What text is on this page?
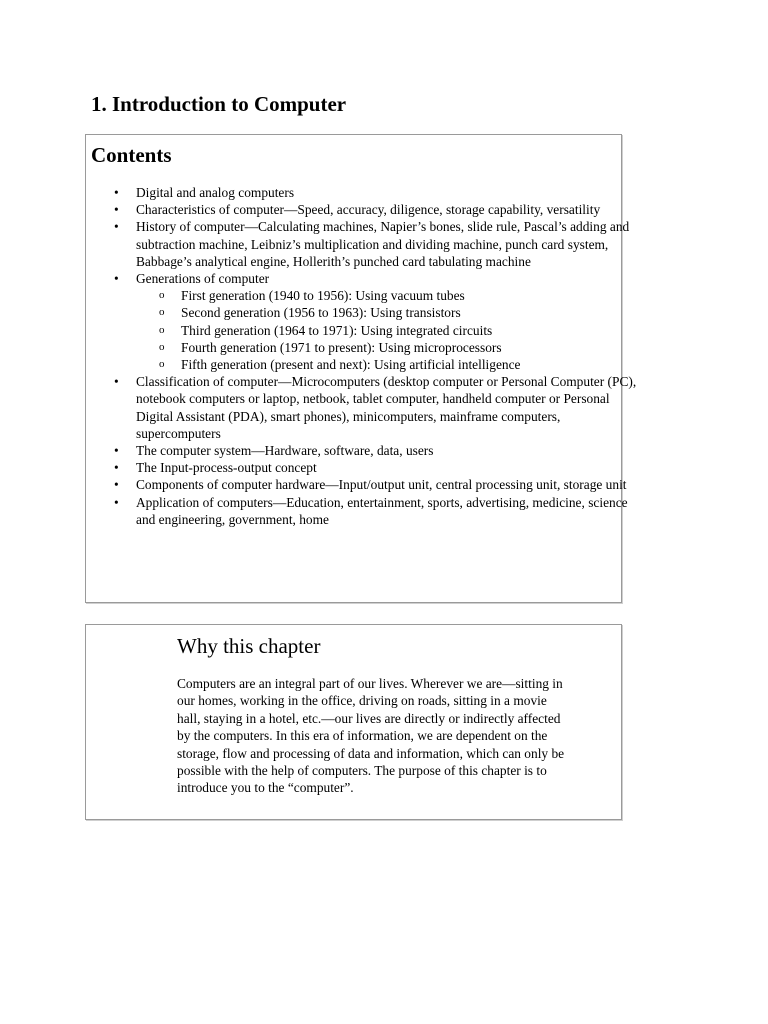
1. Introduction to Computer
Contents
• Digital and analog computers
• Characteristics of computer—Speed, accuracy, diligence, storage capability, versatility
• History of computer—Calculating machines, Napier’s bones, slide rule, Pascal’s adding and subtraction machine, Leibniz’s multiplication and dividing machine, punch card system, Babbage’s analytical engine, Hollerith’s punched card tabulating machine
• Generations of computer
o First generation (1940 to 1956): Using vacuum tubes
o Second generation (1956 to 1963): Using transistors
o Third generation (1964 to 1971): Using integrated circuits
o Fourth generation (1971 to present): Using microprocessors
o Fifth generation (present and next): Using artificial intelligence
• Classification of computer—Microcomputers (desktop computer or Personal Computer (PC), notebook computers or laptop, netbook, tablet computer, handheld computer or Personal Digital Assistant (PDA), smart phones), minicomputers, mainframe computers, supercomputers
• The computer system—Hardware, software, data, users
• The Input-process-output concept
• Components of computer hardware—Input/output unit, central processing unit, storage unit
• Application of computers—Education, entertainment, sports, advertising, medicine, science and engineering, government, home
Why this chapter

Computers are an integral part of our lives. Wherever we are—sitting in our homes, working in the office, driving on roads, sitting in a movie hall, staying in a hotel, etc.—our lives are directly or indirectly affected by the computers. In this era of information, we are dependent on the storage, flow and processing of data and information, which can only be possible with the help of computers. The purpose of this chapter is to introduce you to the “computer”.
